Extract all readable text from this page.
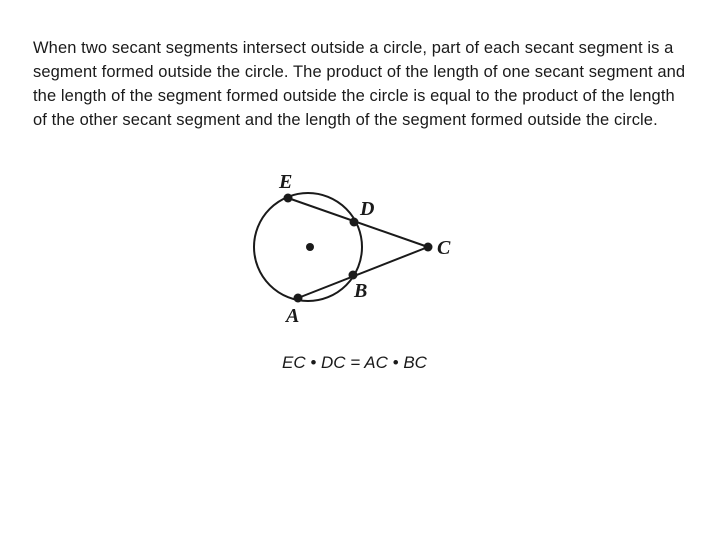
When two secant segments intersect outside a circle, part of each secant segment is a segment formed outside the circle. The product of the length of one secant segment and the length of the segment formed outside the circle is equal to the product of the length of the other secant segment and the length of the segment formed outside the circle.
E
D
C
B
A
EC • DC = AC • BC
